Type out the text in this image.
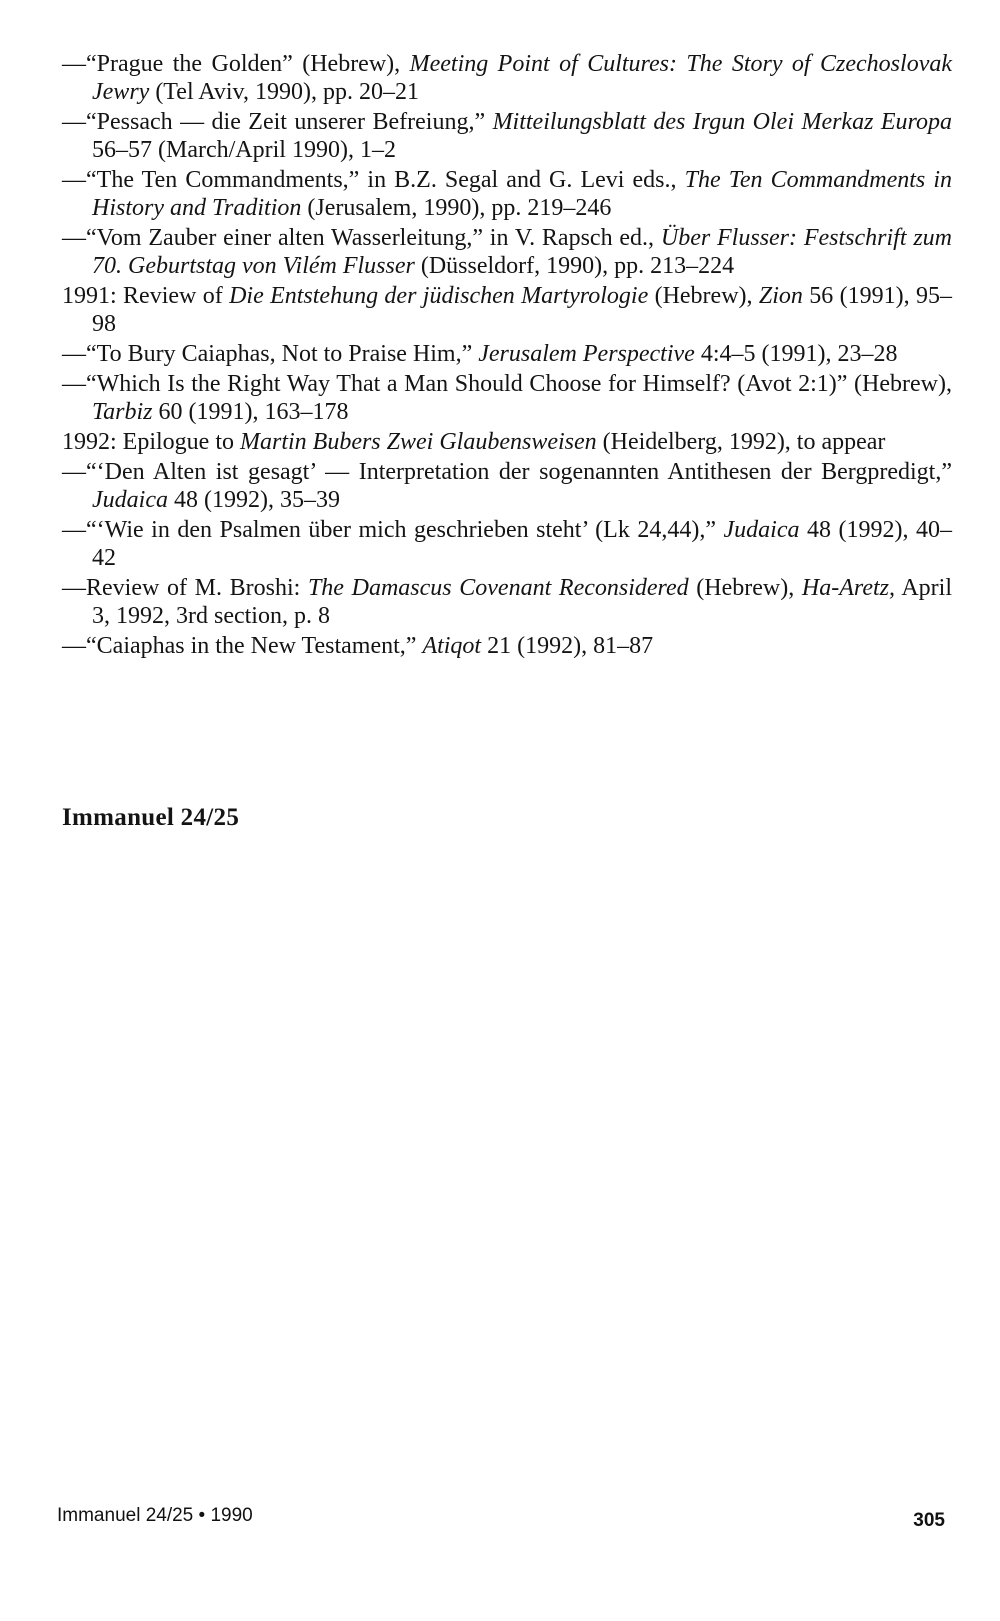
—“Prague the Golden” (Hebrew), Meeting Point of Cultures: The Story of Czechoslovak Jewry (Tel Aviv, 1990), pp. 20–21
—“Pessach — die Zeit unserer Befreiung,” Mitteilungsblatt des Irgun Olei Merkaz Europa 56–57 (March/April 1990), 1–2
—“The Ten Commandments,” in B.Z. Segal and G. Levi eds., The Ten Commandments in History and Tradition (Jerusalem, 1990), pp. 219–246
—“Vom Zauber einer alten Wasserleitung,” in V. Rapsch ed., Über Flusser: Festschrift zum 70. Geburtstag von Vilém Flusser (Düsseldorf, 1990), pp. 213–224
1991: Review of Die Entstehung der jüdischen Martyrologie (Hebrew), Zion 56 (1991), 95–98
—“To Bury Caiaphas, Not to Praise Him,” Jerusalem Perspective 4:4–5 (1991), 23–28
—“Which Is the Right Way That a Man Should Choose for Himself? (Avot 2:1)” (Hebrew), Tarbiz 60 (1991), 163–178
1992: Epilogue to Martin Bubers Zwei Glaubensweisen (Heidelberg, 1992), to appear
—“‘Den Alten ist gesagt’ — Interpretation der sogenannten Antithesen der Bergpredigt,” Judaica 48 (1992), 35–39
—“‘Wie in den Psalmen über mich geschrieben steht’ (Lk 24,44),” Judaica 48 (1992), 40–42
—Review of M. Broshi: The Damascus Covenant Reconsidered (Hebrew), Ha-Aretz, April 3, 1992, 3rd section, p. 8
—“Caiaphas in the New Testament,” Atiqot 21 (1992), 81–87
Immanuel 24/25
Immanuel 24/25 • 1990	305
